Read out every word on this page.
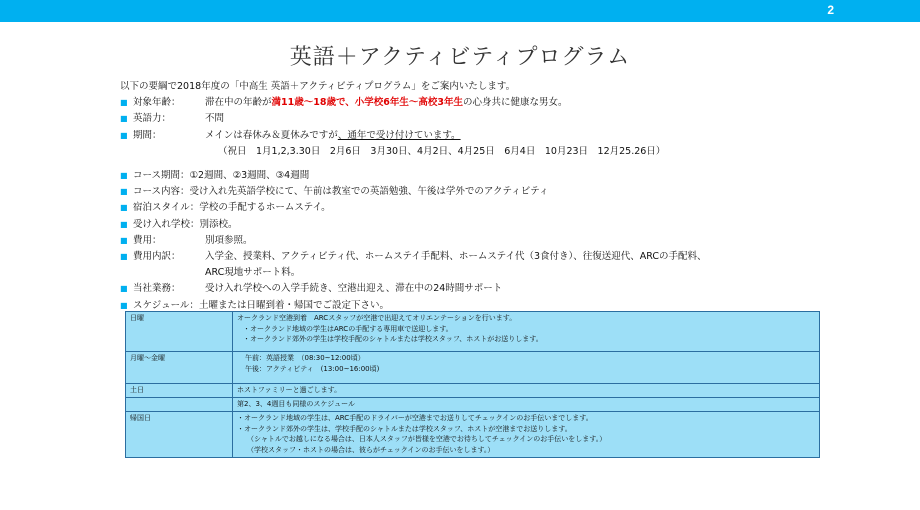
2
英語＋アクティビティプログラム

以下の要綱で2018年度の「中高生 英語＋アクティビティプログラム」をご案内いたします。

■ 対象年齢：	滞在中の年齢が満11歳～18歳で、小学校6年生～高校3年生の心身共に健康な男女。
■ 英語力：	不問
■ 期間：	メインは春休み＆夏休みですが、通年で受け付けています。
（祝日　1月1,2,3.30日　2月6日　3月30日、4月2日、4月25日　6月4日　10月23日　12月25.26日）
■ コース期間： ①2週間、②3週間、③4週間
■ コース内容： 受け入れ先英語学校にて、午前は教室での英語勉強、午後は学外でのアクティビティ
■ 宿泊スタイル： 学校の手配するホームステイ。
■ 受け入れ学校： 別添校。
■ 費用：	別項参照。
■ 費用内訳：	入学金、授業料、アクティビティ代、ホームステイ手配料、ホームステイ代（3食付き）、往復送迎代、ARCの手配料、
ARC現地サポート料。
■ 当社業務：	受け入れ学校への入学手続き、空港出迎え、滞在中の24時間サポート
■ スケジュール： 土曜または日曜到着・帰国でご設定下さい。
日曜	オークランド空港到着　ARCスタッフが空港で出迎えてオリエンテーションを行います。
・オークランド地域の学生はARCの手配する専用車で送迎します。
・オークランド郊外の学生は学校手配のシャトルまたは学校スタッフ、ホストがお送りします。

月曜～金曜	午前：英語授業　（08:30~12:00頃）
午後：アクティビティ　(13:00~16:00頃)

土日	ホストファミリーと過ごします。

	第2、3、4週目も同様のスケジュール

帰国日	・オークランド地域の学生は、ARC手配のドライバーが空港までお送りしてチェックインのお手伝いまでします。
・オークランド郊外の学生は、学校手配のシャトルまたは学校スタッフ、ホストが空港までお送りします。
（シャトルでお越しになる場合は、日本人スタッフが皆様を空港でお待ちしてチェックインのお手伝いをします。）
（学校スタッフ・ホストの場合は、彼らがチェックインのお手伝いをします。）
